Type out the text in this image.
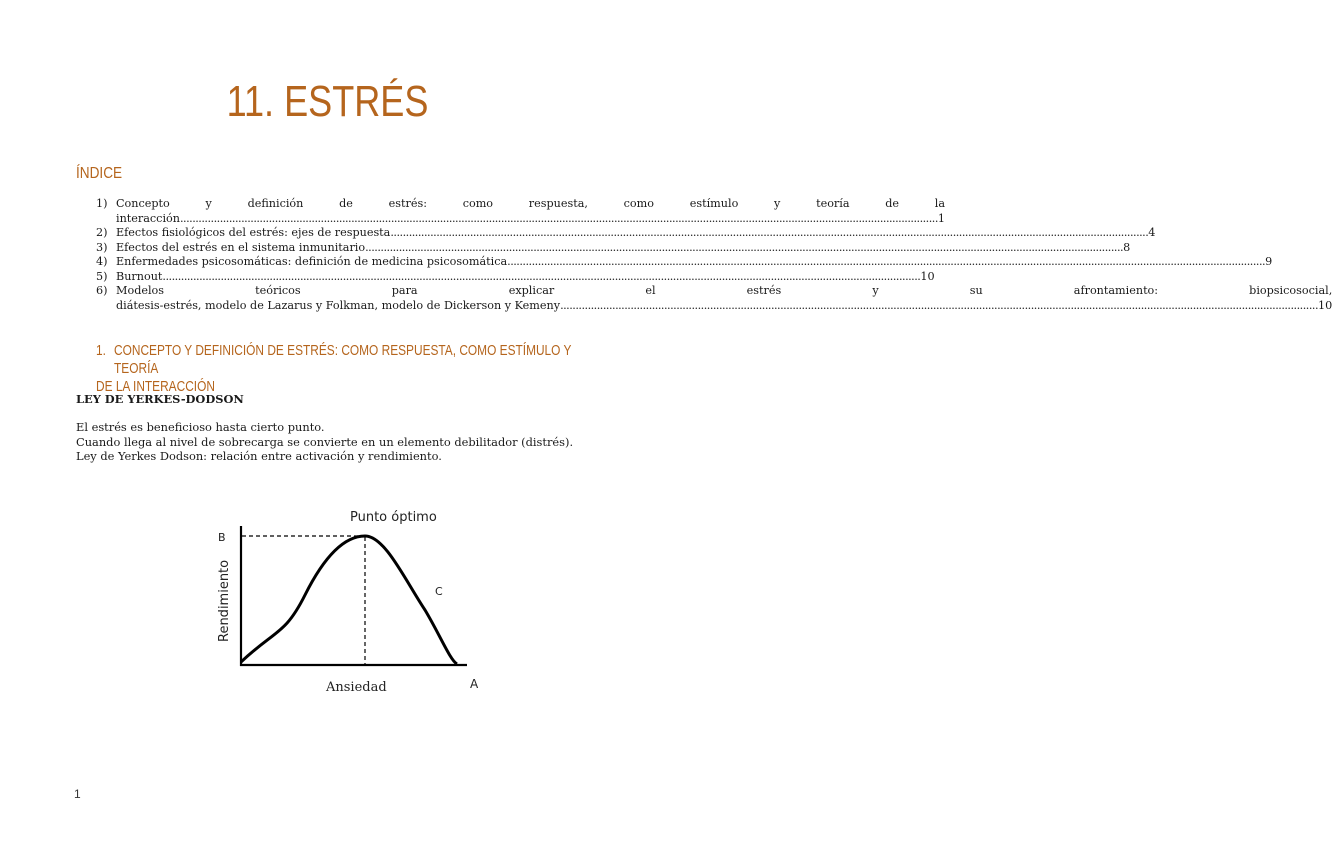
11. ESTRÉS
ÍNDICE
1) Concepto y definición de estrés: como respuesta, como estímulo y teoría de la
interacción .....	1
2) Efectos fisiológicos del estrés: ejes de respuesta .....	4
3) Efectos del estrés en el sistema inmunitario .....	8
4) Enfermedades psicosomáticas: definición de medicina psicosomática .....	9
5) Burnout .....	10
6) Modelos teóricos para explicar el estrés y su afrontamiento: biopsicosocial,
diátesis-estrés, modelo de Lazarus y Folkman, modelo de Dickerson y Kemeny .....	10
1. CONCEPTO Y DEFINICIÓN DE ESTRÉS: COMO RESPUESTA, COMO ESTÍMULO Y TEORÍA
DE LA INTERACCIÓN
LEY DE YERKES-DODSON
El estrés es beneficioso hasta cierto punto.
Cuando llega al nivel de sobrecarga se convierte en un elemento debilitador (distrés).
Ley de Yerkes Dodson: relación entre activación y rendimiento.
Punto óptimo
B
C
A
Rendimiento
Ansiedad
1
